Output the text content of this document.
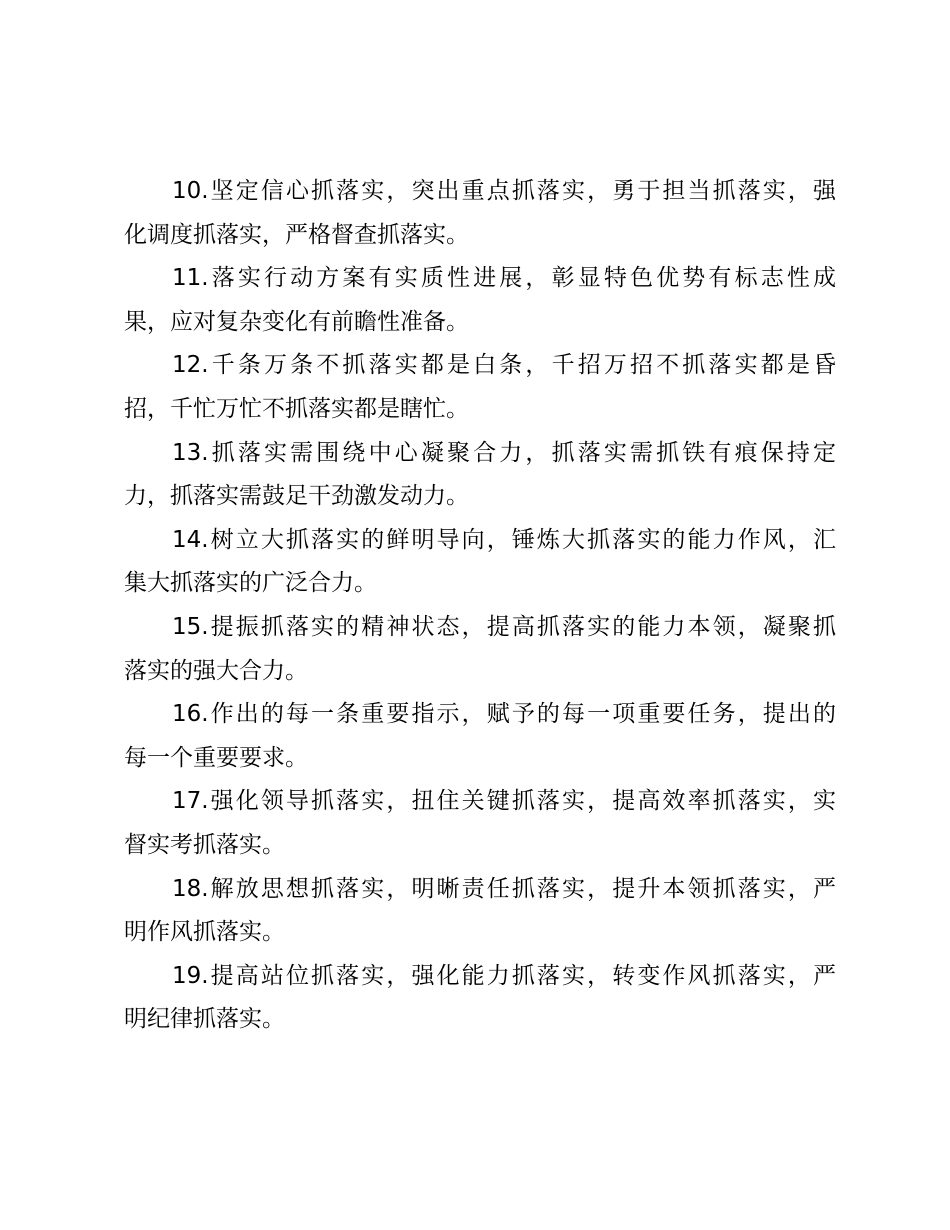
10.坚定信心抓落实，突出重点抓落实，勇于担当抓落实，强
化调度抓落实，严格督查抓落实。
11.落实行动方案有实质性进展，彰显特色优势有标志性成
果，应对复杂变化有前瞻性准备。
12.千条万条不抓落实都是白条，千招万招不抓落实都是昏
招，千忙万忙不抓落实都是瞎忙。
13.抓落实需围绕中心凝聚合力，抓落实需抓铁有痕保持定
力，抓落实需鼓足干劲激发动力。
14.树立大抓落实的鲜明导向，锤炼大抓落实的能力作风，汇
集大抓落实的广泛合力。
15.提振抓落实的精神状态，提高抓落实的能力本领，凝聚抓
落实的强大合力。
16.作出的每一条重要指示，赋予的每一项重要任务，提出的
每一个重要要求。
17.强化领导抓落实，扭住关键抓落实，提高效率抓落实，实
督实考抓落实。
18.解放思想抓落实，明晰责任抓落实，提升本领抓落实，严
明作风抓落实。
19.提高站位抓落实，强化能力抓落实，转变作风抓落实，严
明纪律抓落实。
